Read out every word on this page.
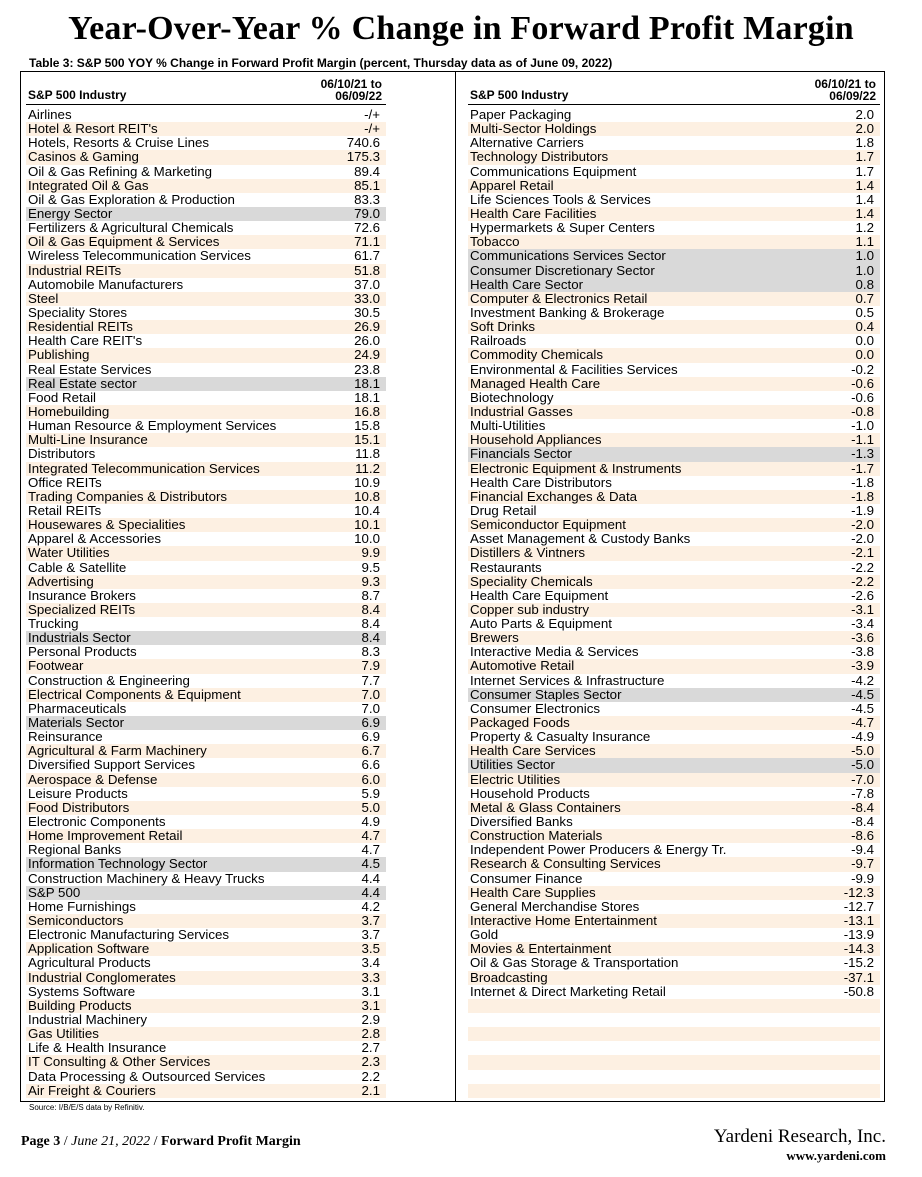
Year-Over-Year % Change in Forward Profit Margin
Table 3: S&P 500 YOY % Change in Forward Profit Margin (percent, Thursday data as of June 09, 2022)
S&P 500 Industry
06/10/21 to
06/09/22
Airlines	-/+
Hotel & Resort REIT's	-/+
Hotels, Resorts & Cruise Lines	740.6
Casinos & Gaming	175.3
Oil & Gas Refining & Marketing	89.4
Integrated Oil & Gas	85.1
Oil & Gas Exploration & Production	83.3
Energy Sector	79.0
Fertilizers & Agricultural Chemicals	72.6
Oil & Gas Equipment & Services	71.1
Wireless Telecommunication Services	61.7
Industrial REITs	51.8
Automobile Manufacturers	37.0
Steel	33.0
Speciality Stores	30.5
Residential REITs	26.9
Health Care REIT's	26.0
Publishing	24.9
Real Estate Services	23.8
Real Estate sector	18.1
Food Retail	18.1
Homebuilding	16.8
Human Resource & Employment Services	15.8
Multi-Line Insurance	15.1
Distributors	11.8
Integrated Telecommunication Services	11.2
Office REITs	10.9
Trading Companies & Distributors	10.8
Retail REITs	10.4
Housewares & Specialities	10.1
Apparel & Accessories	10.0
Water Utilities	9.9
Cable & Satellite	9.5
Advertising	9.3
Insurance Brokers	8.7
Specialized REITs	8.4
Trucking	8.4
Industrials Sector	8.4
Personal Products	8.3
Footwear	7.9
Construction & Engineering	7.7
Electrical Components & Equipment	7.0
Pharmaceuticals	7.0
Materials Sector	6.9
Reinsurance	6.9
Agricultural & Farm Machinery	6.7
Diversified Support Services	6.6
Aerospace & Defense	6.0
Leisure Products	5.9
Food Distributors	5.0
Electronic Components	4.9
Home Improvement Retail	4.7
Regional Banks	4.7
Information Technology Sector	4.5
Construction Machinery & Heavy Trucks	4.4
S&P 500	4.4
Home Furnishings	4.2
Semiconductors	3.7
Electronic Manufacturing Services	3.7
Application Software	3.5
Agricultural Products	3.4
Industrial Conglomerates	3.3
Systems Software	3.1
Building Products	3.1
Industrial Machinery	2.9
Gas Utilities	2.8
Life & Health Insurance	2.7
IT Consulting & Other Services	2.3
Data Processing & Outsourced Services	2.2
Air Freight & Couriers	2.1
S&P 500 Industry
06/10/21 to
06/09/22
Paper Packaging	2.0
Multi-Sector Holdings	2.0
Alternative Carriers	1.8
Technology Distributors	1.7
Communications Equipment	1.7
Apparel Retail	1.4
Life Sciences Tools & Services	1.4
Health Care Facilities	1.4
Hypermarkets & Super Centers	1.2
Tobacco	1.1
Communications Services Sector	1.0
Consumer Discretionary Sector	1.0
Health Care Sector	0.8
Computer & Electronics Retail	0.7
Investment Banking & Brokerage	0.5
Soft Drinks	0.4
Railroads	0.0
Commodity Chemicals	0.0
Environmental & Facilities Services	-0.2
Managed Health Care	-0.6
Biotechnology	-0.6
Industrial Gasses	-0.8
Multi-Utilities	-1.0
Household Appliances	-1.1
Financials Sector	-1.3
Electronic Equipment & Instruments	-1.7
Health Care Distributors	-1.8
Financial Exchanges & Data	-1.8
Drug Retail	-1.9
Semiconductor Equipment	-2.0
Asset Management & Custody Banks	-2.0
Distillers & Vintners	-2.1
Restaurants	-2.2
Speciality Chemicals	-2.2
Health Care Equipment	-2.6
Copper sub industry	-3.1
Auto Parts & Equipment	-3.4
Brewers	-3.6
Interactive Media & Services	-3.8
Automotive Retail	-3.9
Internet Services & Infrastructure	-4.2
Consumer Staples Sector	-4.5
Consumer Electronics	-4.5
Packaged Foods	-4.7
Property & Casualty Insurance	-4.9
Health Care Services	-5.0
Utilities Sector	-5.0
Electric Utilities	-7.0
Household Products	-7.8
Metal & Glass Containers	-8.4
Diversified Banks	-8.4
Construction Materials	-8.6
Independent Power Producers & Energy Tr.	-9.4
Research & Consulting Services	-9.7
Consumer Finance	-9.9
Health Care Supplies	-12.3
General Merchandise Stores	-12.7
Interactive Home Entertainment	-13.1
Gold	-13.9
Movies & Entertainment	-14.3
Oil & Gas Storage & Transportation	-15.2
Broadcasting	-37.1
Internet & Direct Marketing Retail	-50.8
Source: I/B/E/S data by Refinitiv.
Page 3 / June 21, 2022 / Forward Profit Margin	Yardeni Research, Inc.
www.yardeni.com
